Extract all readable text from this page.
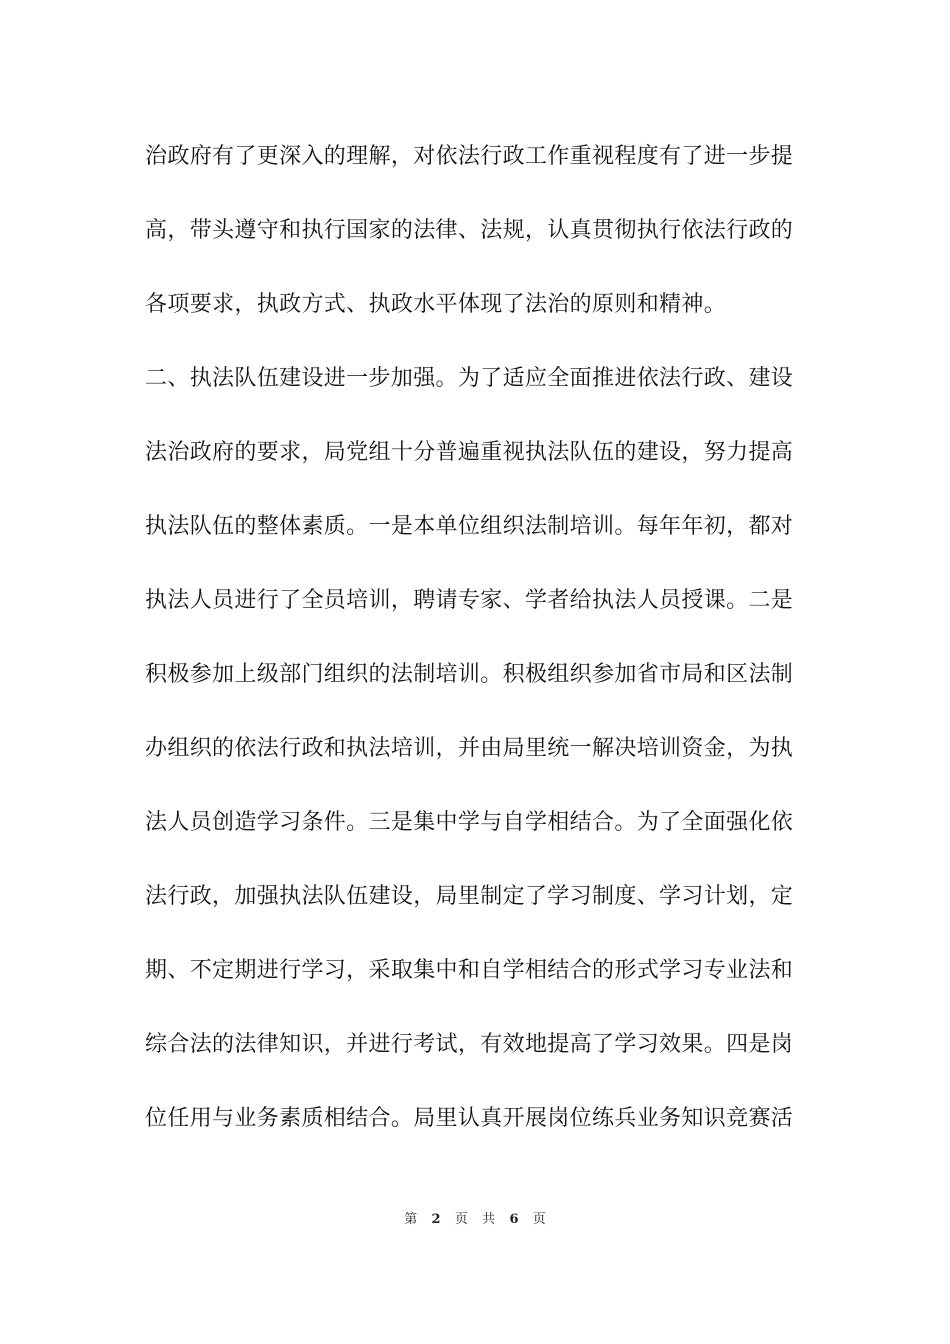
治政府有了更深入的理解，对依法行政工作重视程度有了进一步提
高，带头遵守和执行国家的法律、法规，认真贯彻执行依法行政的
各项要求，执政方式、执政水平体现了法治的原则和精神。
二、执法队伍建设进一步加强。为了适应全面推进依法行政、建设
法治政府的要求，局党组十分普遍重视执法队伍的建设，努力提高
执法队伍的整体素质。一是本单位组织法制培训。每年年初，都对
执法人员进行了全员培训，聘请专家、学者给执法人员授课。二是
积极参加上级部门组织的法制培训。积极组织参加省市局和区法制
办组织的依法行政和执法培训，并由局里统一解决培训资金，为执
法人员创造学习条件。三是集中学与自学相结合。为了全面强化依
法行政，加强执法队伍建设，局里制定了学习制度、学习计划，定
期、不定期进行学习，采取集中和自学相结合的形式学习专业法和
综合法的法律知识，并进行考试，有效地提高了学习效果。四是岗
位任用与业务素质相结合。局里认真开展岗位练兵业务知识竞赛活
第 2 页 共 6 页
